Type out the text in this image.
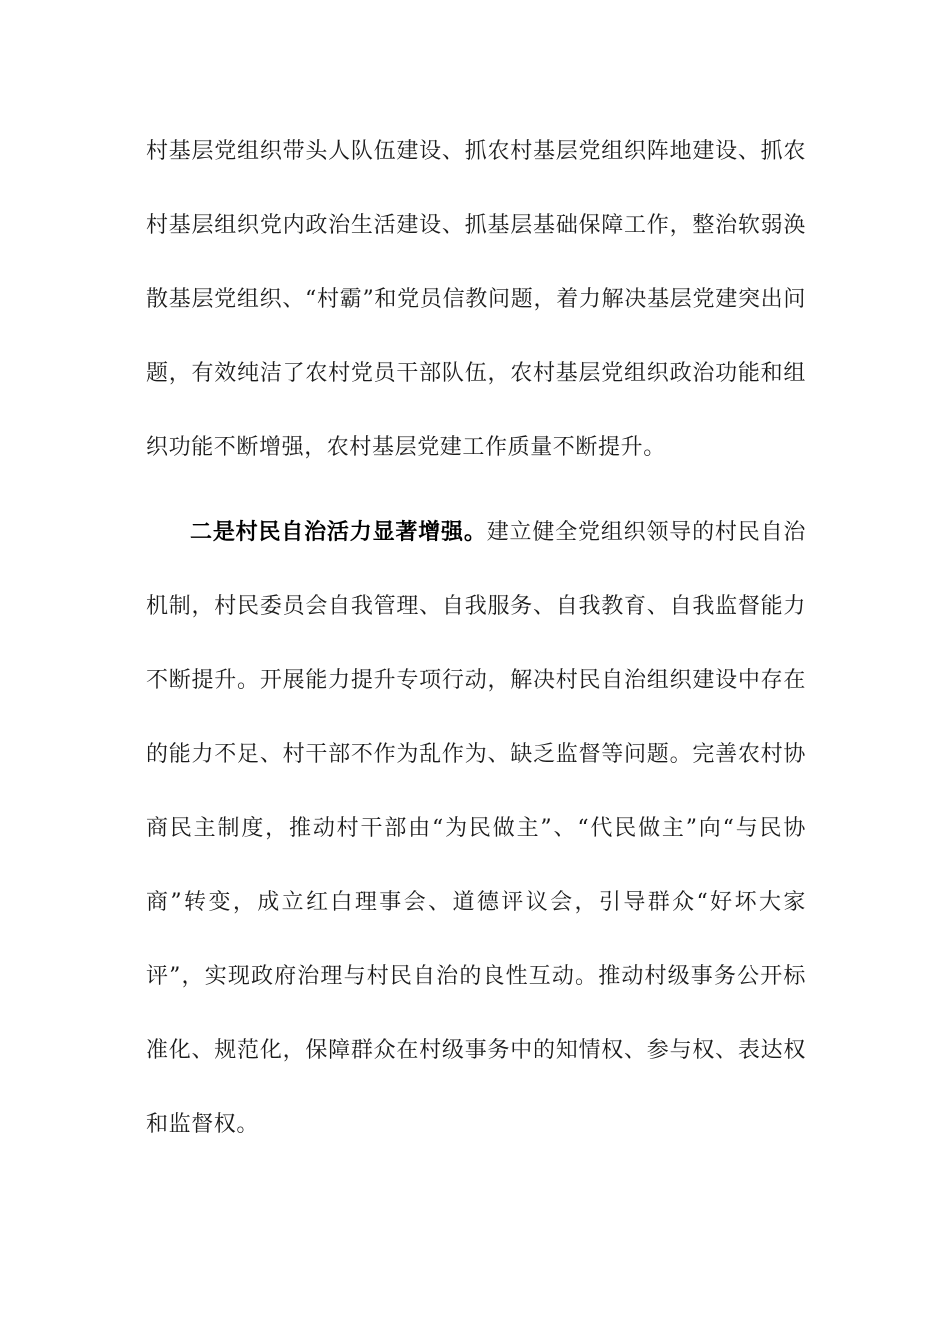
村基层党组织带头人队伍建设、抓农村基层党组织阵地建设、抓农村基层组织党内政治生活建设、抓基层基础保障工作，整治软弱涣散基层党组织、“村霸”和党员信教问题，着力解决基层党建突出问题，有效纯洁了农村党员干部队伍，农村基层党组织政治功能和组织功能不断增强，农村基层党建工作质量不断提升。

二是村民自治活力显著增强。建立健全党组织领导的村民自治机制，村民委员会自我管理、自我服务、自我教育、自我监督能力不断提升。开展能力提升专项行动，解决村民自治组织建设中存在的能力不足、村干部不作为乱作为、缺乏监督等问题。完善农村协商民主制度，推动村干部由“为民做主”、“代民做主”向“与民协商”转变，成立红白理事会、道德评议会，引导群众“好坏大家评”，实现政府治理与村民自治的良性互动。推动村级事务公开标准化、规范化，保障群众在村级事务中的知情权、参与权、表达权和监督权。
